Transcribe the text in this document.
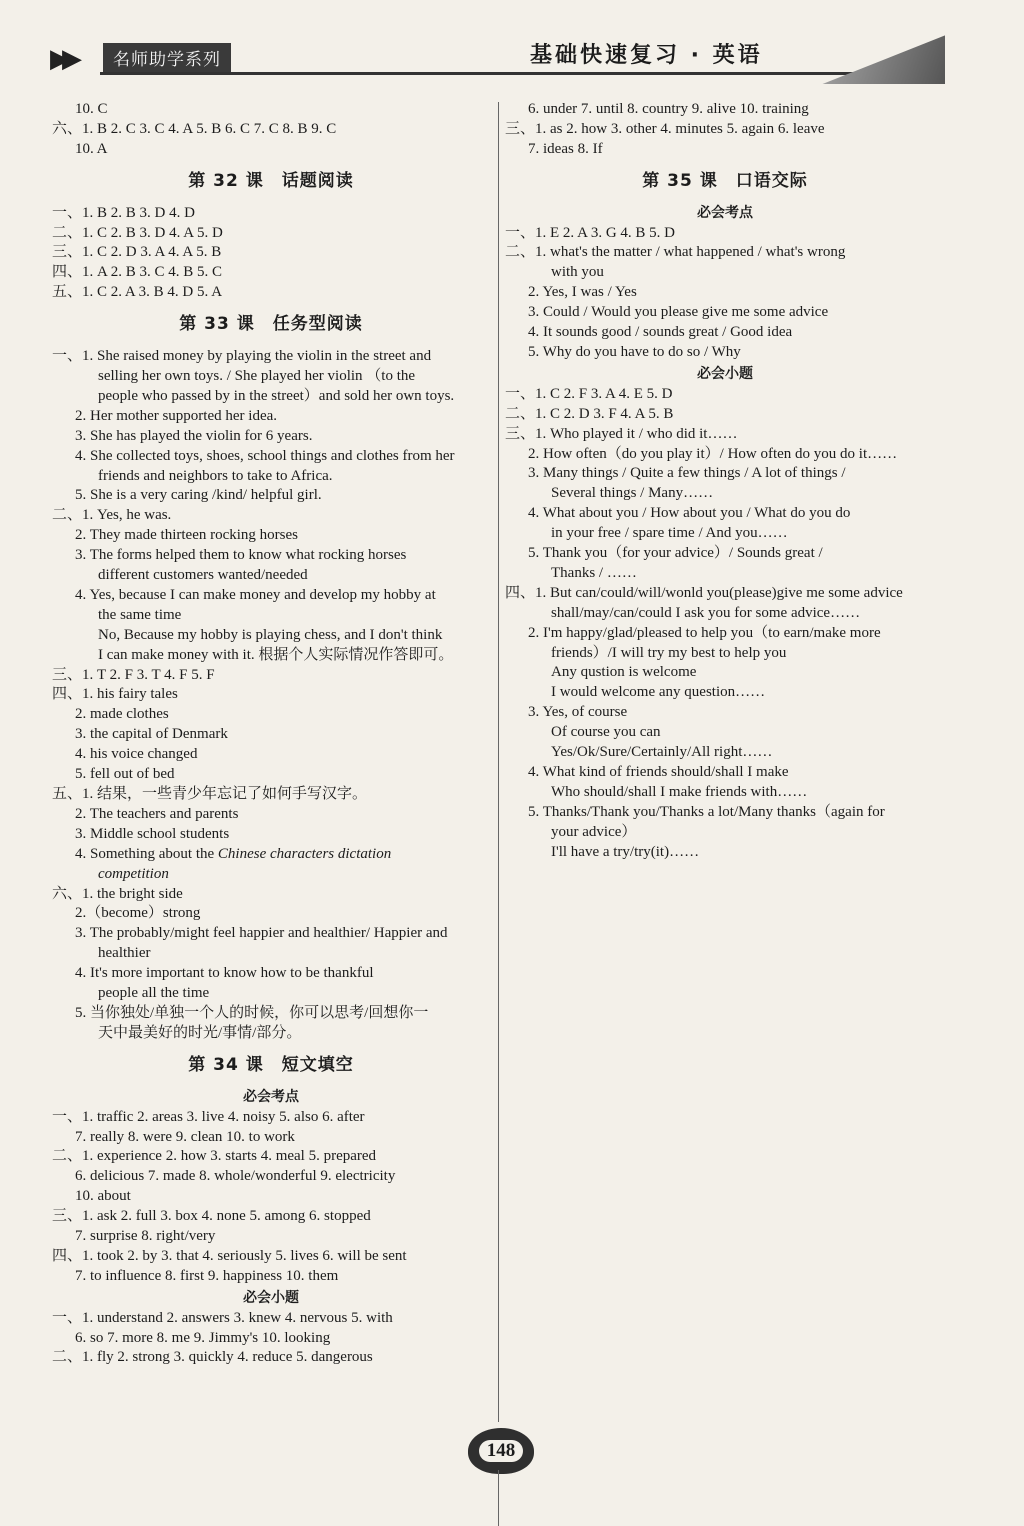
▶▶	名师助学系列	基础快速复习 · 英语
10. C
六、1. B 2. C 3. C 4. A 5. B 6. C 7. C 8. B 9. C
10. A
第 32 课　话题阅读
一、1. B 2. B 3. D 4. D
二、1. C 2. B 3. D 4. A 5. D
三、1. C 2. D 3. A 4. A 5. B
四、1. A 2. B 3. C 4. B 5. C
五、1. C 2. A 3. B 4. D 5. A
第 33 课　任务型阅读
一、1. She raised money by playing the violin in the street and
selling her own toys. / She played her violin （to the
people who passed by in the street）and sold her own toys.
2. Her mother supported her idea.
3. She has played the violin for 6 years.
4. She collected toys, shoes, school things and clothes from her
friends and neighbors to take to Africa.
5. She is a very caring /kind/ helpful girl.
二、1. Yes, he was.
2. They made thirteen rocking horses
3. The forms helped them to know what rocking horses
different customers wanted/needed
4. Yes, because I can make money and develop my hobby at
the same time
No, Because my hobby is playing chess, and I don't think
I can make money with it. 根据个人实际情况作答即可。
三、1. T 2. F 3. T 4. F 5. F
四、1. his fairy tales
2. made clothes
3. the capital of Denmark
4. his voice changed
5. fell out of bed
五、1. 结果，一些青少年忘记了如何手写汉字。
2. The teachers and parents
3. Middle school students
4. Something about the Chinese characters dictation
competition
六、1. the bright side
2.（become）strong
3. The probably/might feel happier and healthier/ Happier and
healthier
4. It's more important to know how to be thankful
people all the time
5. 当你独处/单独一个人的时候，你可以思考/回想你一
天中最美好的时光/事情/部分。
第 34 课　短文填空
必会考点
一、1. traffic 2. areas 3. live 4. noisy 5. also 6. after
7. really 8. were 9. clean 10. to work
二、1. experience 2. how 3. starts 4. meal 5. prepared
6. delicious 7. made 8. whole/wonderful 9. electricity
10. about
三、1. ask 2. full 3. box 4. none 5. among 6. stopped
7. surprise 8. right/very
四、1. took 2. by 3. that 4. seriously 5. lives 6. will be sent
7. to influence 8. first 9. happiness 10. them
必会小题
一、1. understand 2. answers 3. knew 4. nervous 5. with
6. so 7. more 8. me 9. Jimmy's 10. looking
二、1. fly 2. strong 3. quickly 4. reduce 5. dangerous
6. under 7. until 8. country 9. alive 10. training
三、1. as 2. how 3. other 4. minutes 5. again 6. leave
7. ideas 8. If
第 35 课　口语交际
必会考点
一、1. E 2. A 3. G 4. B 5. D
二、1. what's the matter / what happened / what's wrong
with you
2. Yes, I was / Yes
3. Could / Would you please give me some advice
4. It sounds good / sounds great / Good idea
5. Why do you have to do so / Why
必会小题
一、1. C 2. F 3. A 4. E 5. D
二、1. C 2. D 3. F 4. A 5. B
三、1. Who played it / who did it……
2. How often（do you play it）/ How often do you do it……
3. Many things / Quite a few things / A lot of things /
Several things / Many……
4. What about you / How about you / What do you do
in your free / spare time / And you……
5. Thank you（for your advice）/ Sounds great /
Thanks / ……
四、1. But can/could/will/wonld you(please)give me some advice
shall/may/can/could I ask you for some advice……
2. I'm happy/glad/pleased to help you（to earn/make more
friends）/I will try my best to help you
Any qustion is welcome
I would welcome any question……
3. Yes, of course
Of course you can
Yes/Ok/Sure/Certainly/All right……
4. What kind of friends should/shall I make
Who should/shall I make friends with……
5. Thanks/Thank you/Thanks a lot/Many thanks（again for
your advice）
I'll have a try/try(it)……
148
